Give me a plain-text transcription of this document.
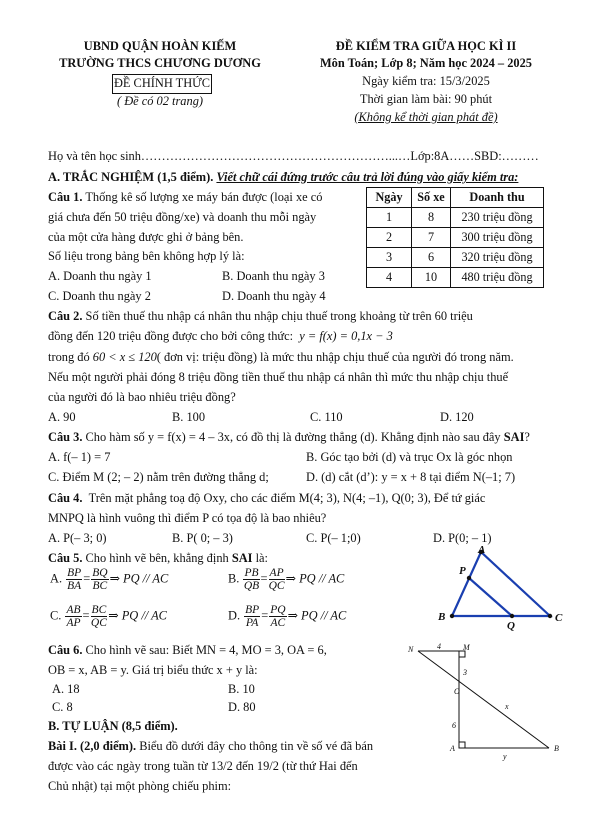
UBND QUẬN HOÀN KIẾM
TRƯỜNG THCS CHƯƠNG DƯƠNG
ĐỀ CHÍNH THỨC
( Đề có 02 trang)
ĐỀ KIỂM TRA GIỮA HỌC KÌ II
Môn Toán; Lớp 8; Năm học 2024 – 2025
Ngày kiểm tra: 15/3/2025
Thời gian làm bài: 90 phút
(Không kể thời gian phát đề)
Họ và tên học sinh……………………………………………………...…Lớp:8A……SBD:………
A. TRẮC NGHIỆM (1,5 điểm). Viết chữ cái đứng trước câu trả lời đúng vào giấy kiểm tra:
Câu 1. Thống kê số lượng xe máy bán được (loại xe có
giá chưa đến 50 triệu đồng/xe) và doanh thu mỗi ngày
của một cửa hàng được ghi ở bảng bên.
Số liệu trong bảng bên không hợp lý là:
A. Doanh thu ngày 1	B. Doanh thu ngày 3
C. Doanh thu ngày 2	D. Doanh thu ngày 4
Ngày	Số xe	Doanh thu
1	8	230 triệu đồng
2	7	300 triệu đồng
3	6	320 triệu đồng
4	10	480 triệu đồng
Câu 2. Số tiền thuế thu nhập cá nhân thu nhập chịu thuế trong khoảng từ trên 60 triệu
đồng đến 120 triệu đồng được cho bởi công thức: y = f(x) = 0,1x − 3
trong đó 60 < x ≤ 120( đơn vị: triệu đồng) là mức thu nhập chịu thuế của người đó trong năm.
Nếu một người phải đóng 8 triệu đồng tiền thuế thu nhập cá nhân thì mức thu nhập chịu thuế
của người đó là bao nhiêu triệu đồng?
A. 90	B. 100	C. 110	D. 120
Câu 3. Cho hàm số y = f(x) = 4 – 3x, có đồ thị là đường thẳng (d). Khẳng định nào sau đây SAI?
A. f(– 1) = 7	B. Góc tạo bởi (d) và trục Ox là góc nhọn
C. Điểm M (2; – 2) nằm trên đường thẳng d;	D. (d) cắt (d’): y = x + 8 tại điểm N(–1; 7)
Câu 4. Trên mặt phẳng toạ độ Oxy, cho các điểm M(4; 3), N(4; –1), Q(0; 3), Để tứ giác
MNPQ là hình vuông thì điểm P có tọa độ là bao nhiêu?
A. P(– 3; 0)	B. P( 0; – 3)	C. P(– 1;0)	D. P(0; – 1)
Câu 5. Cho hình vẽ bên, khẳng định SAI là:
A. $\frac{BP}{BA} = \frac{BQ}{BC}$ ⇒ PQ // AC	B. $\frac{PB}{QB} = \frac{AP}{QC}$ ⇒ PQ // AC
C. $\frac{AB}{AP} = \frac{BC}{QC}$ ⇒ PQ // AC	D. $\frac{BP}{PA} = \frac{PQ}{AC}$ ⇒ PQ // AC
A
P
B
Q
C
Câu 6. Cho hình vẽ sau: Biết MN = 4, MO = 3, OA = 6,
OB = x, AB = y. Giá trị biểu thức x + y là:
A. 18	B. 10
C. 8	D. 80
N	M
O
A	B
4
3
6
x
y
B. TỰ LUẬN (8,5 điểm).
Bài I. (2,0 điểm). Biểu đồ dưới đây cho thông tin về số vé đã bán
được vào các ngày trong tuần từ 13/2 đến 19/2 (từ thứ Hai đến
Chủ nhật) tại một phòng chiếu phim:
